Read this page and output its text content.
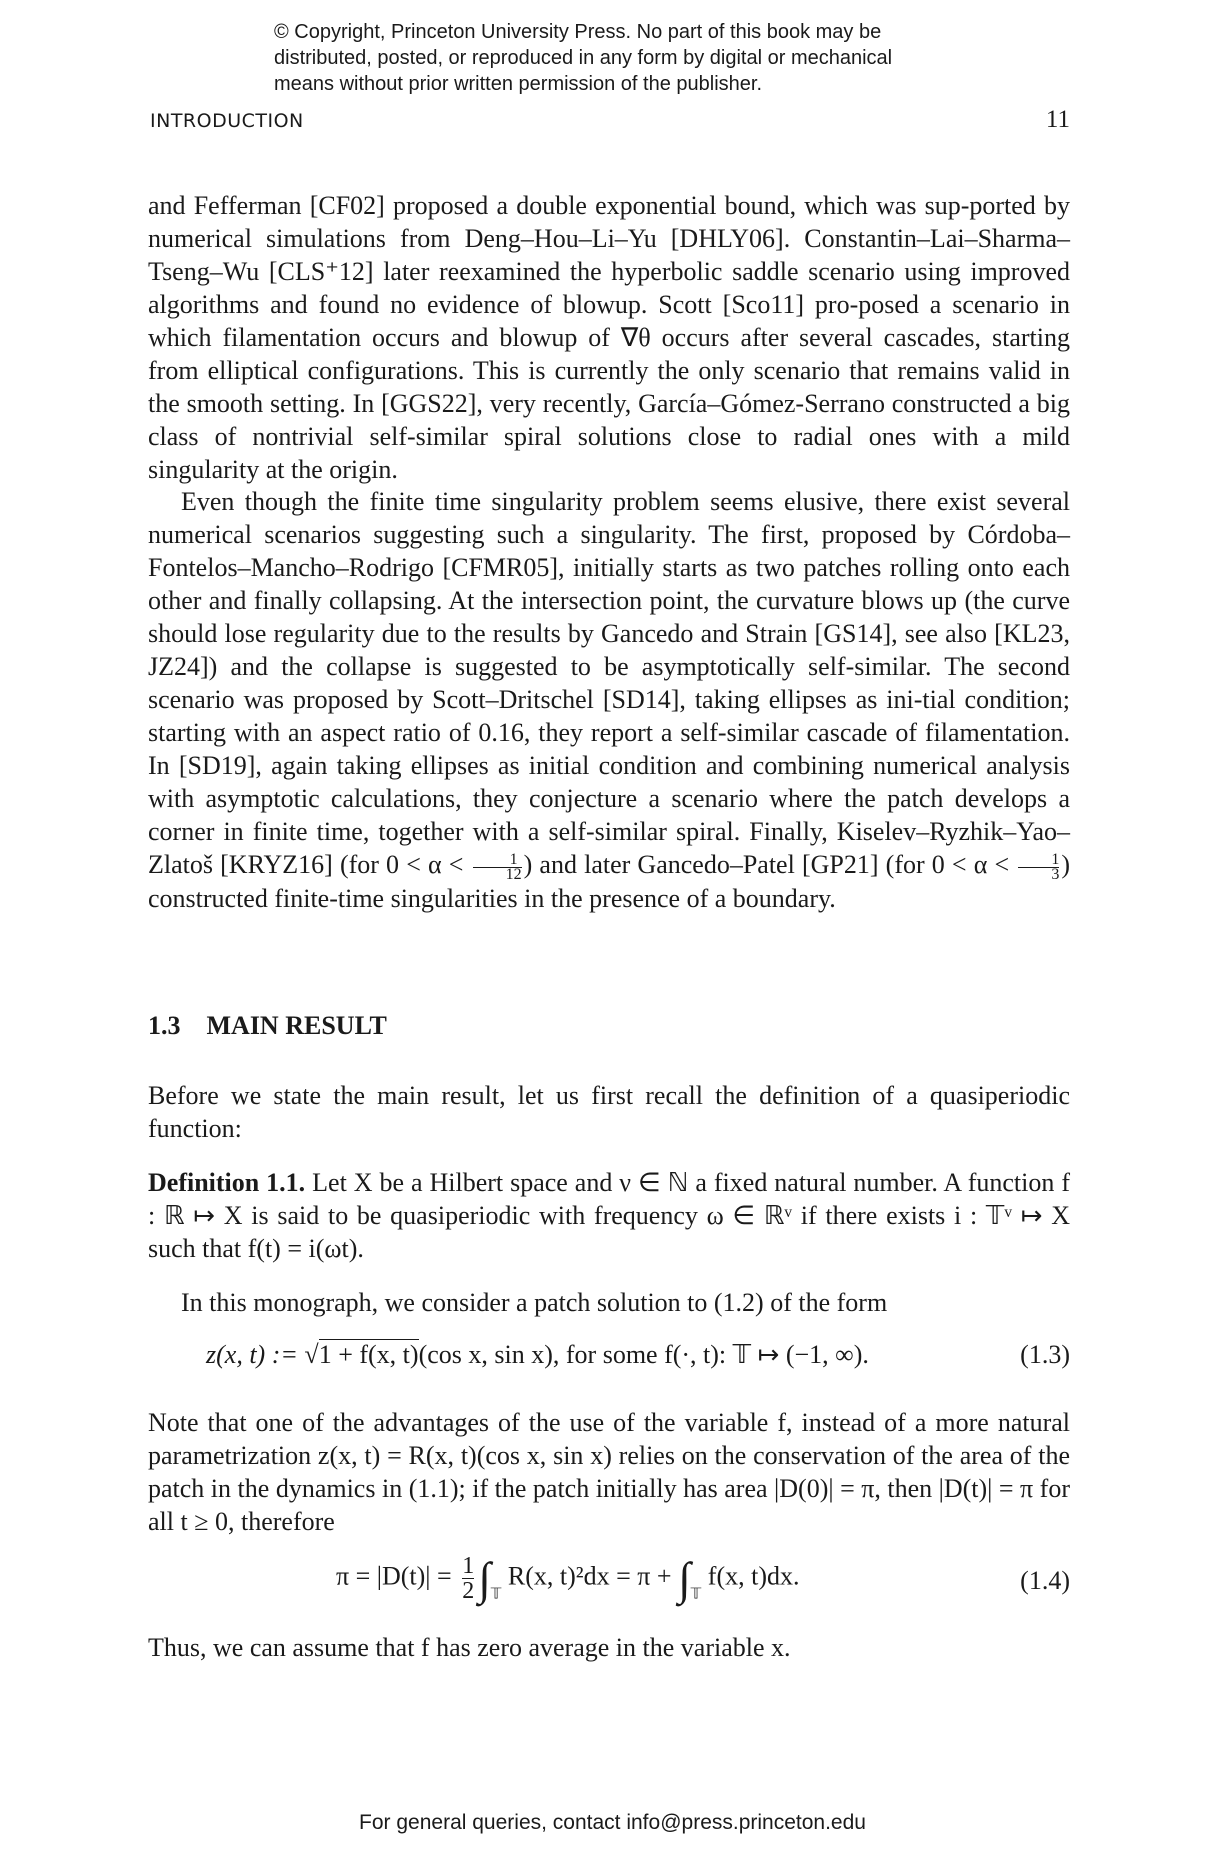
© Copyright, Princeton University Press. No part of this book may be
distributed, posted, or reproduced in any form by digital or mechanical
means without prior written permission of the publisher.
INTRODUCTION	11
and Fefferman [CF02] proposed a double exponential bound, which was sup-ported by numerical simulations from Deng–Hou–Li–Yu [DHLY06]. Constantin–Lai–Sharma–Tseng–Wu [CLS⁺12] later reexamined the hyperbolic saddle scenario using improved algorithms and found no evidence of blowup. Scott [Sco11] pro-posed a scenario in which filamentation occurs and blowup of ∇θ occurs after several cascades, starting from elliptical configurations. This is currently the only scenario that remains valid in the smooth setting. In [GGS22], very recently, García–Gómez-Serrano constructed a big class of nontrivial self-similar spiral solutions close to radial ones with a mild singularity at the origin.
Even though the finite time singularity problem seems elusive, there exist several numerical scenarios suggesting such a singularity. The first, proposed by Córdoba–Fontelos–Mancho–Rodrigo [CFMR05], initially starts as two patches rolling onto each other and finally collapsing. At the intersection point, the curvature blows up (the curve should lose regularity due to the results by Gancedo and Strain [GS14], see also [KL23, JZ24]) and the collapse is suggested to be asymptotically self-similar. The second scenario was proposed by Scott–Dritschel [SD14], taking ellipses as ini-tial condition; starting with an aspect ratio of 0.16, they report a self-similar cascade of filamentation. In [SD19], again taking ellipses as initial condition and combining numerical analysis with asymptotic calculations, they conjecture a scenario where the patch develops a corner in finite time, together with a self-similar spiral. Finally, Kiselev–Ryzhik–Yao–Zlatoš [KRYZ16] (for $0 < \alpha < \frac{1}{12}$ ) and later Gancedo–Patel [GP21] (for $0 < \alpha < \frac{1}{3}$ ) constructed finite-time singularities in the presence of a boundary.
1.3 MAIN RESULT
Before we state the main result, let us first recall the definition of a quasiperiodic function:
Definition 1.1. Let X be a Hilbert space and ν ∈ ℕ a fixed natural number. A function f : ℝ ↦ X is said to be quasiperiodic with frequency ω ∈ ℝᵛ if there exists i : 𝕋ᵛ ↦ X such that f(t) = i(ωt).
In this monograph, we consider a patch solution to (1.2) of the form
z(x, t) := √1 + f(x, t)(cos x, sin x), for some f(·, t): 𝕋 ↦ (−1, ∞).	(1.3)
Note that one of the advantages of the use of the variable f, instead of a more natural parametrization z(x, t) = R(x, t)(cos x, sin x) relies on the conservation of the area of the patch in the dynamics in (1.1); if the patch initially has area |D(0)| = π, then |D(t)| = π for all t ≥ 0, therefore
$\pi = |D(t)| = \frac{1}{2} \int_𝕋$ R(x, $t)^2dx = \pi + \int_𝕋$ f(x, t)dx.	(1.4)
Thus, we can assume that f has zero average in the variable x.
For general queries, contact info@press.princeton.edu
